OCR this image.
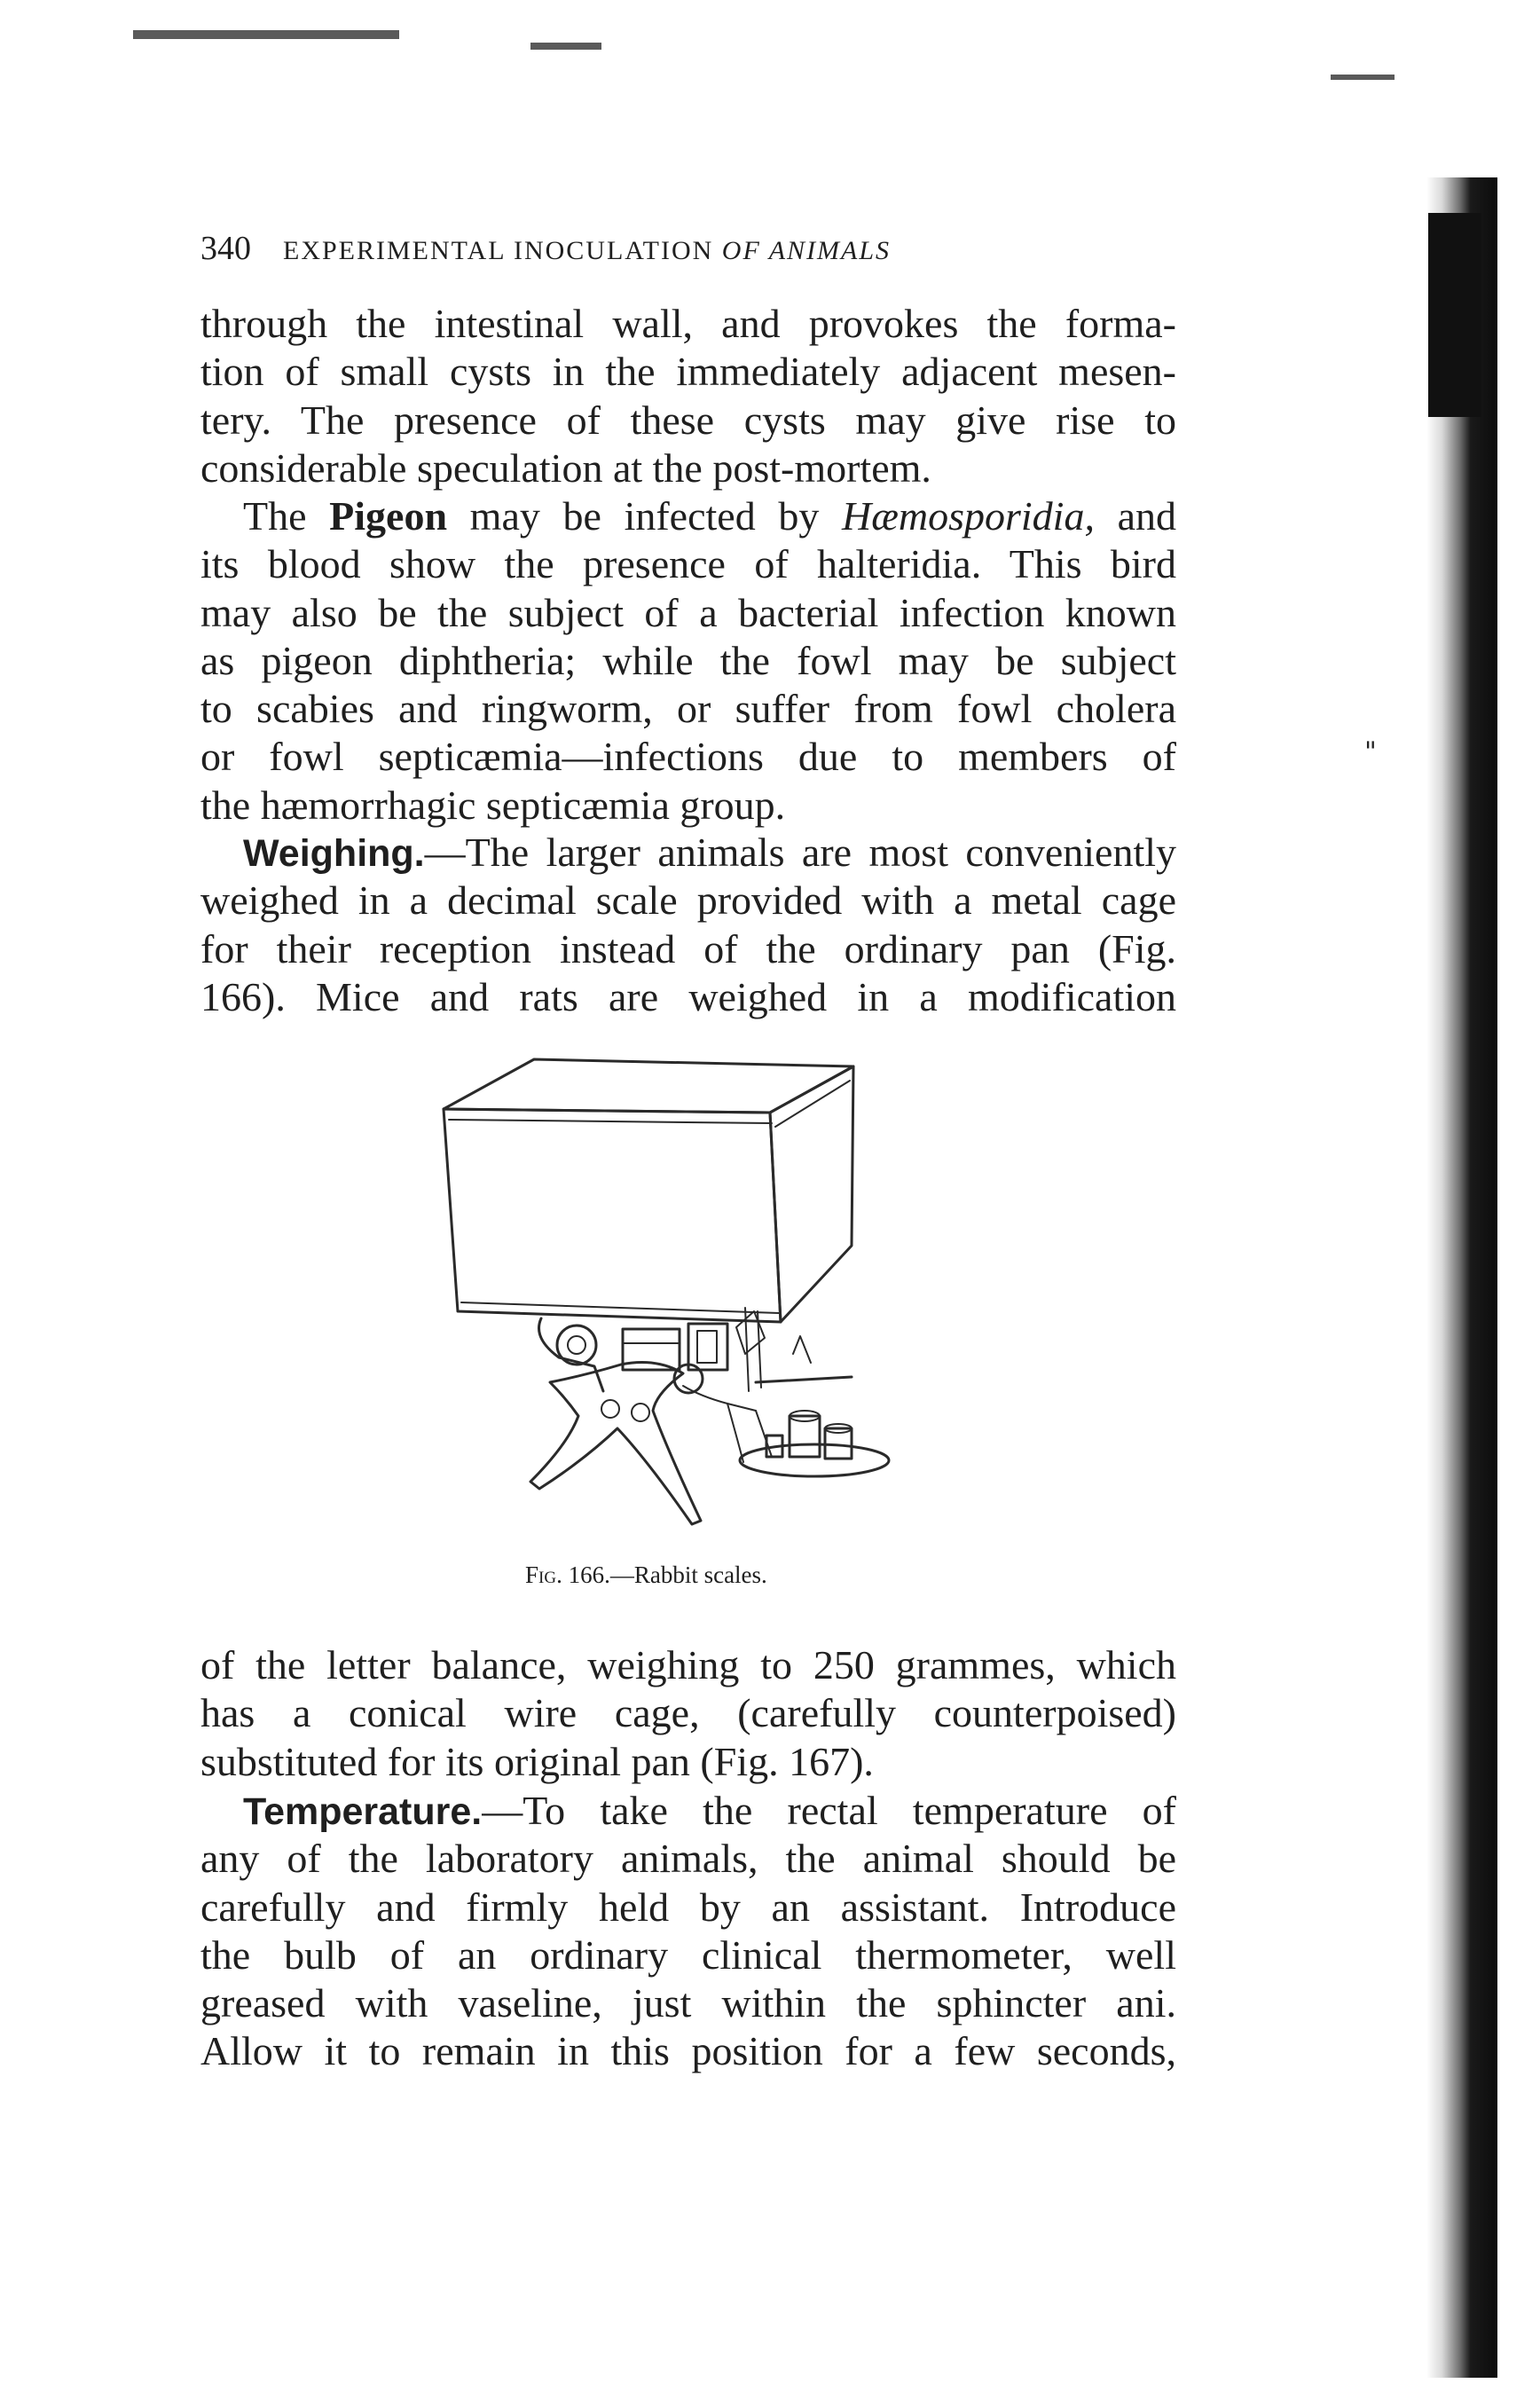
"
340 EXPERIMENTAL INOCULATION OF ANIMALS
through the intestinal wall, and provokes the forma-
tion of small cysts in the immediately adjacent mesen-
tery. The presence of these cysts may give rise to
considerable speculation at the post-mortem.
The Pigeon may be infected by Hæmosporidia, and
its blood show the presence of halteridia. This bird
may also be the subject of a bacterial infection known
as pigeon diphtheria; while the fowl may be subject
to scabies and ringworm, or suffer from fowl cholera
or fowl septicæmia—infections due to members of
the hæmorrhagic septicæmia group.
Weighing.—The larger animals are most conveniently
weighed in a decimal scale provided with a metal cage
for their reception instead of the ordinary pan (Fig.
166). Mice and rats are weighed in a modification
Fig. 166.—Rabbit scales.
of the letter balance, weighing to 250 grammes, which
has a conical wire cage, (carefully counterpoised)
substituted for its original pan (Fig. 167).
Temperature.—To take the rectal temperature of
any of the laboratory animals, the animal should be
carefully and firmly held by an assistant. Introduce
the bulb of an ordinary clinical thermometer, well
greased with vaseline, just within the sphincter ani.
Allow it to remain in this position for a few seconds,
